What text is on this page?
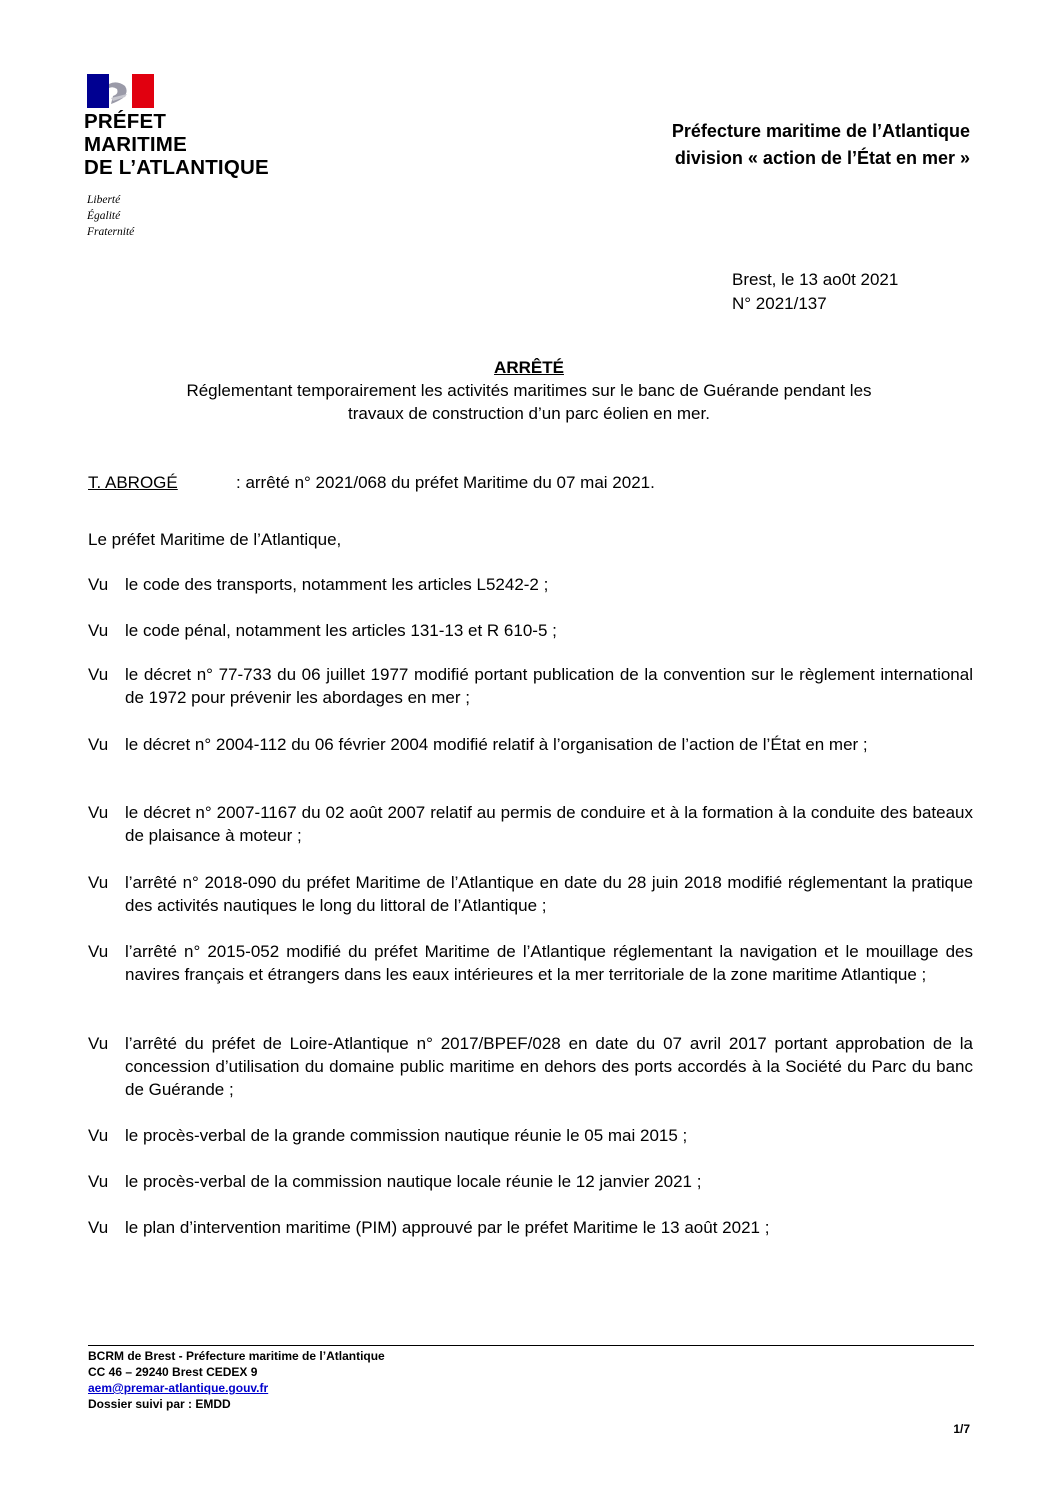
PRÉFET
MARITIME
DE L’ATLANTIQUE
Liberté
Égalité
Fraternité
Préfecture maritime de l’Atlantique
division « action de l’État en mer »
Brest, le 13 ao0t 2021
N° 2021/137
ARRÊTÉ
Réglementant temporairement les activités maritimes sur le banc de Guérande pendant les
travaux de construction d’un parc éolien en mer.
T. ABROGÉ	: arrêté n° 2021/068 du préfet Maritime du 07 mai 2021.
Le préfet Maritime de l’Atlantique,
Vu le code des transports, notamment les articles L5242-2 ;
Vu le code pénal, notamment les articles 131-13 et R 610-5 ;
Vu le décret n° 77-733 du 06 juillet 1977 modifié portant publication de la convention sur le règlement international de 1972 pour prévenir les abordages en mer ;
Vu le décret n° 2004-112 du 06 février 2004 modifié relatif à l’organisation de l’action de l’État en mer ;
Vu le décret n° 2007-1167 du 02 août 2007 relatif au permis de conduire et à la formation à la conduite des bateaux de plaisance à moteur ;
Vu l’arrêté n° 2018-090 du préfet Maritime de l’Atlantique en date du 28 juin 2018 modifié réglementant la pratique des activités nautiques le long du littoral de l’Atlantique ;
Vu l’arrêté n° 2015-052 modifié du préfet Maritime de l’Atlantique réglementant la navigation et le mouillage des navires français et étrangers dans les eaux intérieures et la mer territoriale de la zone maritime Atlantique ;
Vu l’arrêté du préfet de Loire-Atlantique n° 2017/BPEF/028 en date du 07 avril 2017 portant approbation de la concession d’utilisation du domaine public maritime en dehors des ports accordés à la Société du Parc du banc de Guérande ;
Vu le procès-verbal de la grande commission nautique réunie le 05 mai 2015 ;
Vu le procès-verbal de la commission nautique locale réunie le 12 janvier 2021 ;
Vu le plan d’intervention maritime (PIM) approuvé par le préfet Maritime le 13 août 2021 ;
BCRM de Brest - Préfecture maritime de l’Atlantique
CC 46 – 29240 Brest CEDEX 9
aem@premar-atlantique.gouv.fr
Dossier suivi par : EMDD
1/7
